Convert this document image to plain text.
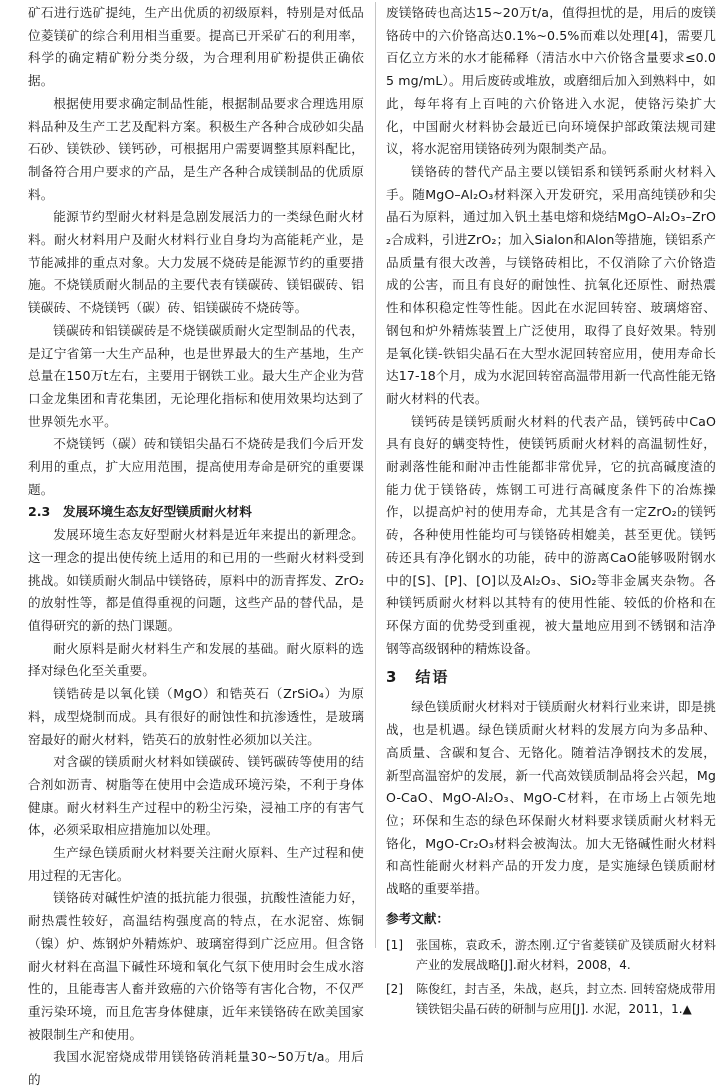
矿石进行选矿提纯，生产出优质的初级原料，特别是对低品位菱镁矿的综合利用相当重要。提高已开采矿石的利用率，科学的确定精矿粉分类分级，为合理利用矿粉提供正确依据。

根据使用要求确定制品性能，根据制品要求合理选用原料品种及生产工艺及配料方案。积极生产各种合成砂如尖晶石砂、镁铁砂、镁钙砂，可根据用户需要调整其原料配比，制备符合用户要求的产品，是生产各种合成镁制品的优质原料。

能源节约型耐火材料是急剧发展活力的一类绿色耐火材料。耐火材料用户及耐火材料行业自身均为高能耗产业，是节能减排的重点对象。大力发展不烧砖是能源节约的重要措施。不烧镁质耐火制品的主要代表有镁碳砖、镁铝碳砖、铝镁碳砖、不烧镁钙（碳）砖、铝镁碳砖不烧砖等。

镁碳砖和铝镁碳砖是不烧镁碳质耐火定型制品的代表，是辽宁省第一大生产品种，也是世界最大的生产基地，生产总量在150万t左右，主要用于钢铁工业。最大生产企业为营口金龙集团和青花集团，无论理化指标和使用效果均达到了世界领先水平。

不烧镁钙（碳）砖和镁铝尖晶石不烧砖是我们今后开发利用的重点，扩大应用范围，提高使用寿命是研究的重要课题。

2.3　发展环境生态友好型镁质耐火材料

发展环境生态友好型耐火材料是近年来提出的新理念。这一理念的提出使传统上适用的和已用的一些耐火材料受到挑战。如镁质耐火制品中镁铬砖，原料中的沥青挥发、ZrO₂的放射性等，都是值得重视的问题，这些产品的替代品，是值得研究的新的热门课题。

耐火原料是耐火材料生产和发展的基础。耐火原料的选择对绿色化至关重要。

镁锆砖是以氧化镁（MgO）和锆英石（ZrSiO₄）为原料，成型烧制而成。具有很好的耐蚀性和抗渗透性，是玻璃窑最好的耐火材料，锆英石的放射性必须加以关注。

对含碳的镁质耐火材料如镁碳砖、镁钙碳砖等使用的结合剂如沥青、树脂等在使用中会造成环境污染，不利于身体健康。耐火材料生产过程中的粉尘污染，浸袖工序的有害气体，必须采取相应措施加以处理。

生产绿色镁质耐火材料要关注耐火原料、生产过程和使用过程的无害化。

镁铬砖对碱性炉渣的抵抗能力很强，抗酸性渣能力好，耐热震性较好，高温结构强度高的特点，在水泥窑、炼铜（镍）炉、炼钢炉外精炼炉、玻璃窑得到广泛应用。但含铬耐火材料在高温下碱性环境和氧化气氛下使用时会生成水溶性的，且能毒害人畜并致癌的六价铬等有害化合物，不仅严重污染环境，而且危害身体健康，近年来镁铬砖在欧美国家被限制生产和使用。

我国水泥窑烧成带用镁铬砖消耗量30~50万t/a。用后的

废镁铬砖也高达15~20万t/a，值得担忧的是，用后的废镁铬砖中的六价铬高达0.1%~0.5%而难以处理[4]，需要几百亿立方米的水才能稀释（清洁水中六价铬含量要求≤0.05 mg/mL）。用后废砖或堆放，或磨细后加入到熟料中，如此，每年将有上百吨的六价铬进入水泥，使铬污染扩大化，中国耐火材料协会最近已向环境保护部政策法规司建议，将水泥窑用镁铬砖列为限制类产品。

镁铬砖的替代产品主要以镁铝系和镁钙系耐火材料入手。随MgO–Al₂O₃材料深入开发研究，采用高纯镁砂和尖晶石为原料，通过加入钒土基电熔和烧结MgO–Al₂O₃–ZrO₂合成料，引进ZrO₂；加入Sialon和Alon等措施，镁铝系产品质量有很大改善，与镁铬砖相比，不仅消除了六价铬造成的公害，而且有良好的耐蚀性、抗氧化还原性、耐热震性和体积稳定性等性能。因此在水泥回转窑、玻璃熔窑、钢包和炉外精炼装置上广泛使用，取得了良好效果。特别是氧化镁-铁铝尖晶石在大型水泥回转窑应用，使用寿命长达17-18个月，成为水泥回转窑高温带用新一代高性能无铬耐火材料的代表。

镁钙砖是镁钙质耐火材料的代表产品，镁钙砖中CaO具有良好的螨变特性，使镁钙质耐火材料的高温韧性好，耐剥落性能和耐冲击性能都非常优异，它的抗高碱度渣的能力优于镁铬砖，炼钢工可进行高碱度条件下的冶炼操作，以提高炉衬的使用寿命，尤其是含有一定ZrO₂的镁钙砖，各种使用性能均可与镁铬砖相媲美，甚至更优。镁钙砖还具有净化钢水的功能，砖中的游离CaO能够吸附钢水中的[S]、[P]、[O]以及Al₂O₃、SiO₂等非金属夹杂物。各种镁钙质耐火材料以其特有的使用性能、较低的价格和在环保方面的优势受到重视，被大量地应用到不锈钢和洁净钢等高级钢种的精炼设备。

3　结语

绿色镁质耐火材料对于镁质耐火材料行业来讲，即是挑战，也是机遇。绿色镁质耐火材料的发展方向为多品种、高质量、含碳和复合、无铬化。随着洁净钢技术的发展，新型高温窑炉的发展，新一代高效镁质制品将会兴起，MgO-CaO、MgO-Al₂O₃、MgO-C材料，在市场上占领先地位；环保和生态的绿色环保耐火材料要求镁质耐火材料无铬化，MgO-Cr₂O₃材料会被淘汰。加大无铬碱性耐火材料和高性能耐火材料产品的开发力度，是实施绿色镁质耐材战略的重要举措。

参考文献：
[1]	张国栋，袁政禾，游杰刚.辽宁省菱镁矿及镁质耐火材料产业的发展战略[J].耐火材料，2008，4.
[2]	陈俊红，封吉圣，朱战，赵兵，封立杰. 回转窑烧成带用镁铁铝尖晶石砖的研制与应用[J]. 水泥，2011，1.▲
